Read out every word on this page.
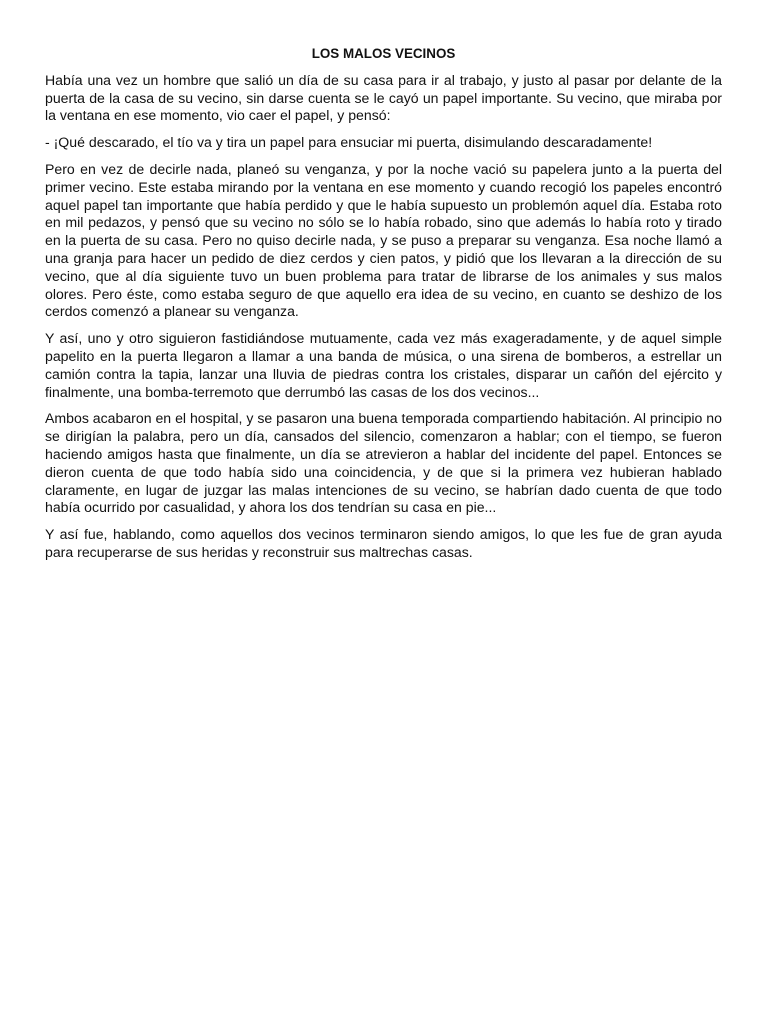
LOS MALOS VECINOS

Había una vez un hombre que salió un día de su casa para ir al trabajo, y justo al pasar por delante de la puerta de la casa de su vecino, sin darse cuenta se le cayó un papel importante. Su vecino, que miraba por la ventana en ese momento, vio caer el papel, y pensó:

- ¡Qué descarado, el tío va y tira un papel para ensuciar mi puerta, disimulando descaradamente!

Pero en vez de decirle nada, planeó su venganza, y por la noche vació su papelera junto a la puerta del primer vecino. Este estaba mirando por la ventana en ese momento y cuando recogió los papeles encontró aquel papel tan importante que había perdido y que le había supuesto un problemón aquel día. Estaba roto en mil pedazos, y pensó que su vecino no sólo se lo había robado, sino que además lo había roto y tirado en la puerta de su casa. Pero no quiso decirle nada, y se puso a preparar su venganza. Esa noche llamó a una granja para hacer un pedido de diez cerdos y cien patos, y pidió que los llevaran a la dirección de su vecino, que al día siguiente tuvo un buen problema para tratar de librarse de los animales y sus malos olores. Pero éste, como estaba seguro de que aquello era idea de su vecino, en cuanto se deshizo de los cerdos comenzó a planear su venganza.

Y así, uno y otro siguieron fastidiándose mutuamente, cada vez más exageradamente, y de aquel simple papelito en la puerta llegaron a llamar a una banda de música, o una sirena de bomberos, a estrellar un camión contra la tapia, lanzar una lluvia de piedras contra los cristales, disparar un cañón del ejército y finalmente, una bomba-terremoto que derrumbó las casas de los dos vecinos...

Ambos acabaron en el hospital, y se pasaron una buena temporada compartiendo habitación. Al principio no se dirigían la palabra, pero un día, cansados del silencio, comenzaron a hablar; con el tiempo, se fueron haciendo amigos hasta que finalmente, un día se atrevieron a hablar del incidente del papel. Entonces se dieron cuenta de que todo había sido una coincidencia, y de que si la primera vez hubieran hablado claramente, en lugar de juzgar las malas intenciones de su vecino, se habrían dado cuenta de que todo había ocurrido por casualidad, y ahora los dos tendrían su casa en pie...

Y así fue, hablando, como aquellos dos vecinos terminaron siendo amigos, lo que les fue de gran ayuda para recuperarse de sus heridas y reconstruir sus maltrechas casas.
